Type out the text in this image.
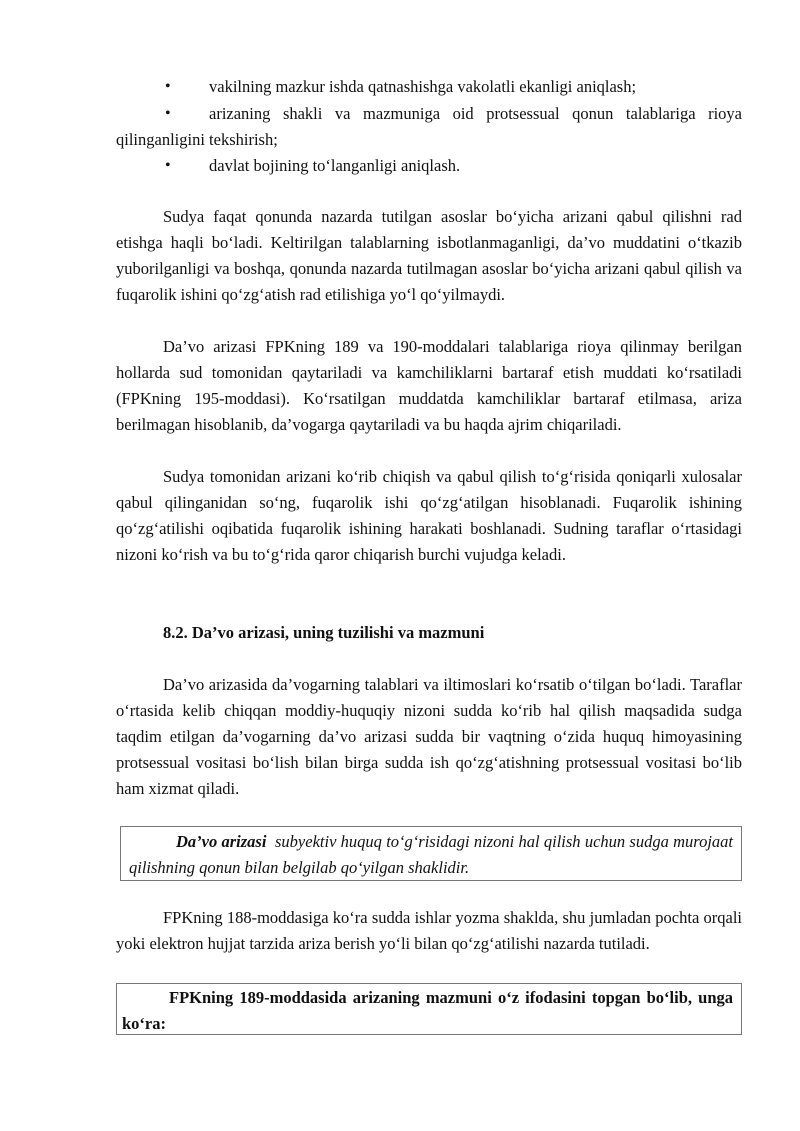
• vakilning mazkur ishda qatnashishga vakolatli ekanligi aniqlash;
• arizaning shakli va mazmuniga oid protsessual qonun talablariga rioya
qilinganligini tekshirish;
• davlat bojining to‘langanligi aniqlash.

Sudya faqat qonunda nazarda tutilgan asoslar bo‘yicha arizani qabul qilishni rad etishga haqli bo‘ladi. Keltirilgan talablarning isbotlanmaganligi, da’vo muddatini o‘tkazib yuborilganligi va boshqa, qonunda nazarda tutilmagan asoslar bo‘yicha arizani qabul qilish va fuqarolik ishini qo‘zg‘atish rad etilishiga yo‘l qo‘yilmaydi.

Da’vo arizasi FPKning 189 va 190-moddalari talablariga rioya qilinmay berilgan hollarda sud tomonidan qaytariladi va kamchiliklarni bartaraf etish muddati ko‘rsatiladi (FPKning 195-moddasi). Ko‘rsatilgan muddatda kamchiliklar bartaraf etilmasa, ariza berilmagan hisoblanib, da’vogarga qaytariladi va bu haqda ajrim chiqariladi.

Sudya tomonidan arizani ko‘rib chiqish va qabul qilish to‘g‘risida qoniqarli xulosalar qabul qilinganidan so‘ng, fuqarolik ishi qo‘zg‘atilgan hisoblanadi. Fuqarolik ishining qo‘zg‘atilishi oqibatida fuqarolik ishining harakati boshlanadi. Sudning taraflar o‘rtasidagi nizoni ko‘rish va bu to‘g‘rida qaror chiqarish burchi vujudga keladi.

8.2. Da’vo arizasi, uning tuzilishi va mazmuni

Da’vo arizasida da’vogarning talablari va iltimoslari ko‘rsatib o‘tilgan bo‘ladi. Taraflar o‘rtasida kelib chiqqan moddiy-huquqiy nizoni sudda ko‘rib hal qilish maqsadida sudga taqdim etilgan da’vogarning da’vo arizasi sudda bir vaqtning o‘zida huquq himoyasining protsessual vositasi bo‘lish bilan birga sudda ish qo‘zg‘atishning protsessual vositasi bo‘lib ham xizmat qiladi.

Da’vo arizasi subyektiv huquq to‘g‘risidagi nizoni hal qilish uchun sudga murojaat qilishning qonun bilan belgilab qo‘yilgan shaklidir.

FPKning 188-moddasiga ko‘ra sudda ishlar yozma shaklda, shu jumladan pochta orqali yoki elektron hujjat tarzida ariza berish yo‘li bilan qo‘zg‘atilishi nazarda tutiladi.

FPKning 189-moddasida arizaning mazmuni o‘z ifodasini topgan bo‘lib, unga ko‘ra:
